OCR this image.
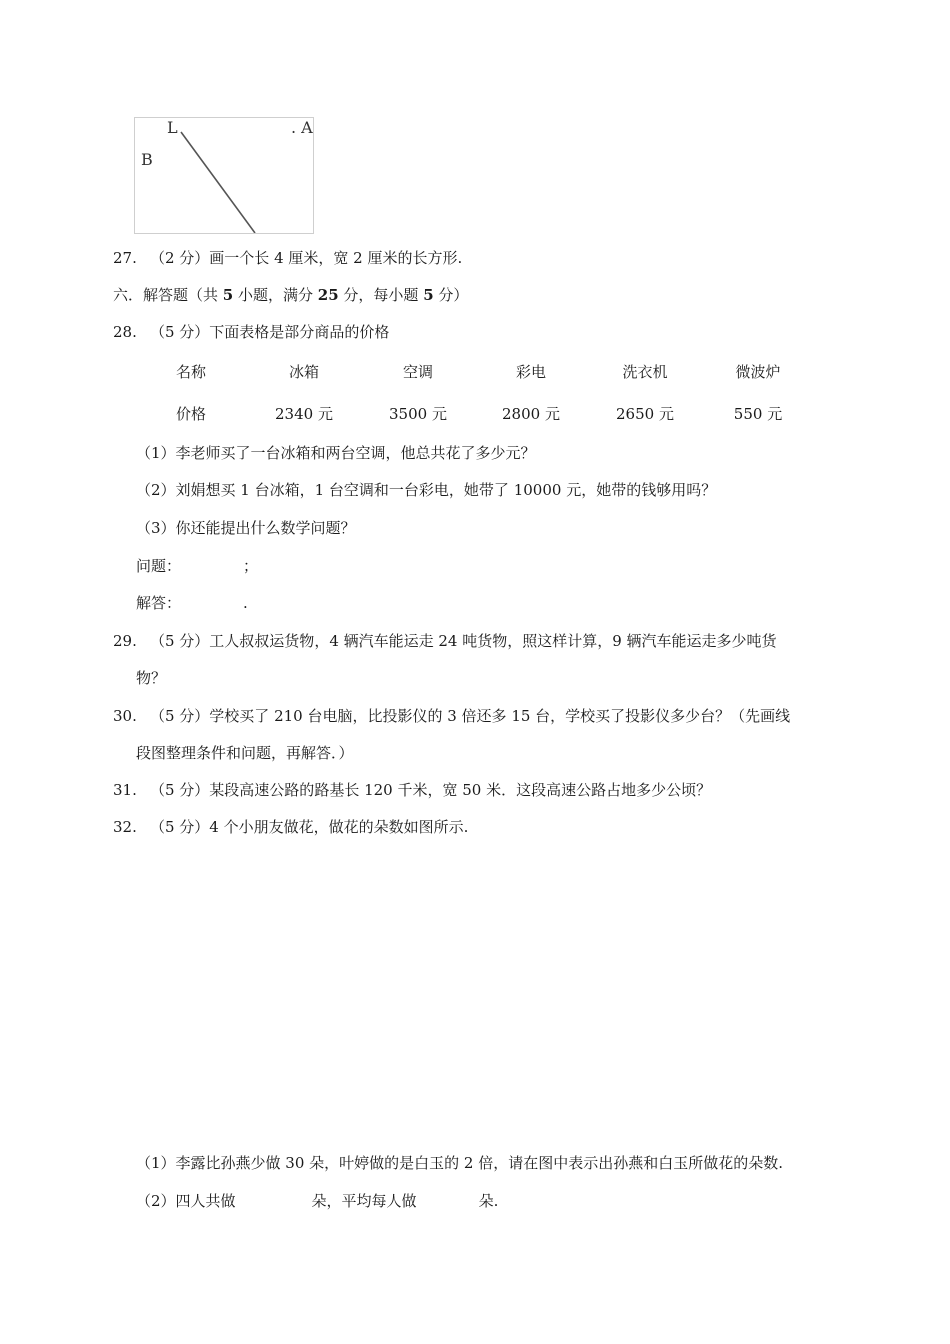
L	. A
B
27. （2 分）画一个长 4 厘米，宽 2 厘米的长方形.
六．解答题（共 5 小题，满分 25 分，每小题 5 分）
28. （5 分）下面表格是部分商品的价格
名称	冰箱	空调	彩电	洗衣机	微波炉
价格	2340 元	3500 元	2800 元	2650 元	550 元
（1）李老师买了一台冰箱和两台空调，他总共花了多少元？
（2）刘娟想买 1 台冰箱，1 台空调和一台彩电，她带了 10000 元，她带的钱够用吗？
（3）你还能提出什么数学问题？
问题：	；
解答：	.
29. （5 分）工人叔叔运货物，4 辆汽车能运走 24 吨货物，照这样计算，9 辆汽车能运走多少吨货
物？
30. （5 分）学校买了 210 台电脑，比投影仪的 3 倍还多 15 台，学校买了投影仪多少台？（先画线
段图整理条件和问题，再解答．）
31. （5 分）某段高速公路的路基长 120 千米，宽 50 米．这段高速公路占地多少公顷？
32. （5 分）4 个小朋友做花，做花的朵数如图所示.
（1）李露比孙燕少做 30 朵，叶婷做的是白玉的 2 倍，请在图中表示出孙燕和白玉所做花的朵数.
（2）四人共做	朵，平均每人做	朵.
